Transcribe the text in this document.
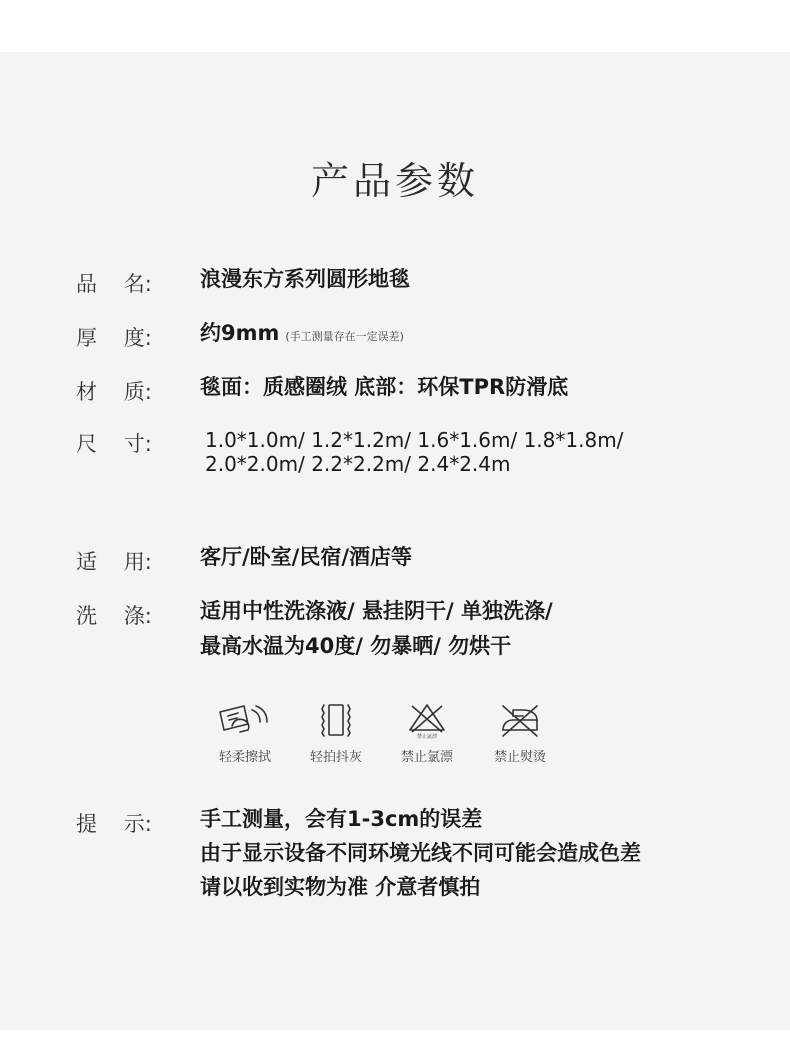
产品参数
品    名:	浪漫东方系列圆形地毯
厚    度:	约9mm (手工测量存在一定误差)
材    质:	毯面：质感圈绒 底部：环保TPR防滑底
尺    寸:	1.0*1.0m/ 1.2*1.2m/ 1.6*1.6m/ 1.8*1.8m/
2.0*2.0m/ 2.2*2.2m/ 2.4*2.4m
适    用:	客厅/卧室/民宿/酒店等
洗    涤:	适用中性洗涤液/ 悬挂阴干/ 单独洗涤/
最高水温为40度/ 勿暴晒/ 勿烘干
轻柔擦拭	轻拍抖灰
禁止氯漂
禁止氯漂	禁止熨烫
提    示:	手工测量，会有1-3cm的误差
由于显示设备不同环境光线不同可能会造成色差
请以收到实物为准 介意者慎拍
